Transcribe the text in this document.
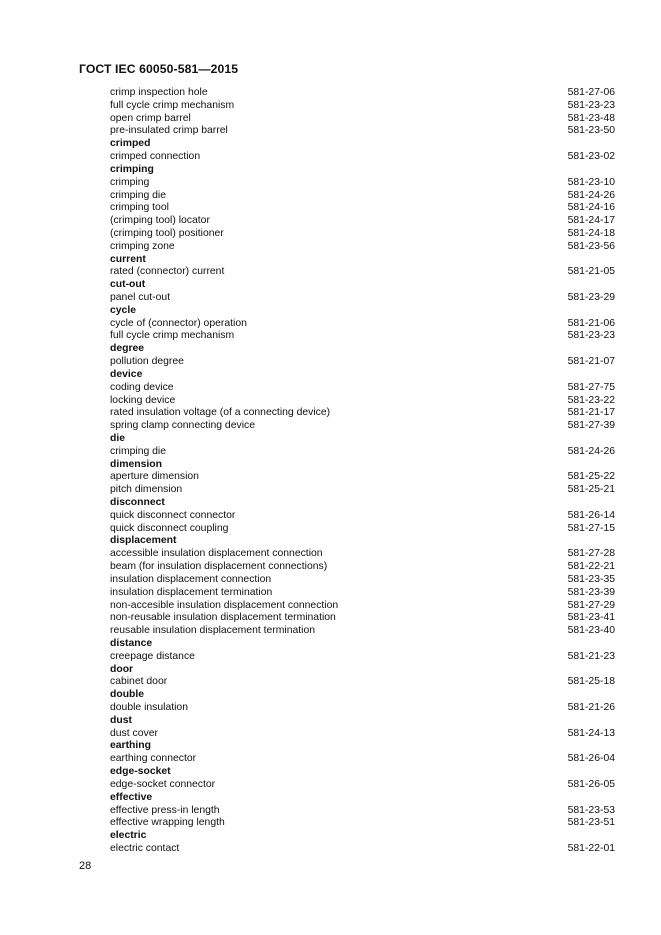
ГОСТ IEC 60050-581—2015
crimp inspection hole	581-27-06
full cycle crimp mechanism	581-23-23
open crimp barrel	581-23-48
pre-insulated crimp barrel	581-23-50
crimped
crimped connection	581-23-02
crimping
crimping	581-23-10
crimping die	581-24-26
crimping tool	581-24-16
(crimping tool) locator	581-24-17
(crimping tool) positioner	581-24-18
crimping zone	581-23-56
current
rated (connector) current	581-21-05
cut-out
panel cut-out	581-23-29
cycle
cycle of (connector) operation	581-21-06
full cycle crimp mechanism	581-23-23
degree
pollution degree	581-21-07
device
coding device	581-27-75
locking device	581-23-22
rated insulation voltage (of a connecting device)	581-21-17
spring clamp connecting device	581-27-39
die
crimping die	581-24-26
dimension
aperture dimension	581-25-22
pitch dimension	581-25-21
disconnect
quick disconnect connector	581-26-14
quick disconnect coupling	581-27-15
displacement
accessible insulation displacement connection	581-27-28
beam (for insulation displacement connections)	581-22-21
insulation displacement connection	581-23-35
insulation displacement termination	581-23-39
non-accesible insulation displacement connection	581-27-29
non-reusable insulation displacement termination	581-23-41
reusable insulation displacement termination	581-23-40
distance
creepage distance	581-21-23
door
cabinet door	581-25-18
double
double insulation	581-21-26
dust
dust cover	581-24-13
earthing
earthing connector	581-26-04
edge-socket
edge-socket connector	581-26-05
effective
effective press-in length	581-23-53
effective wrapping length	581-23-51
electric
electric contact	581-22-01
28
